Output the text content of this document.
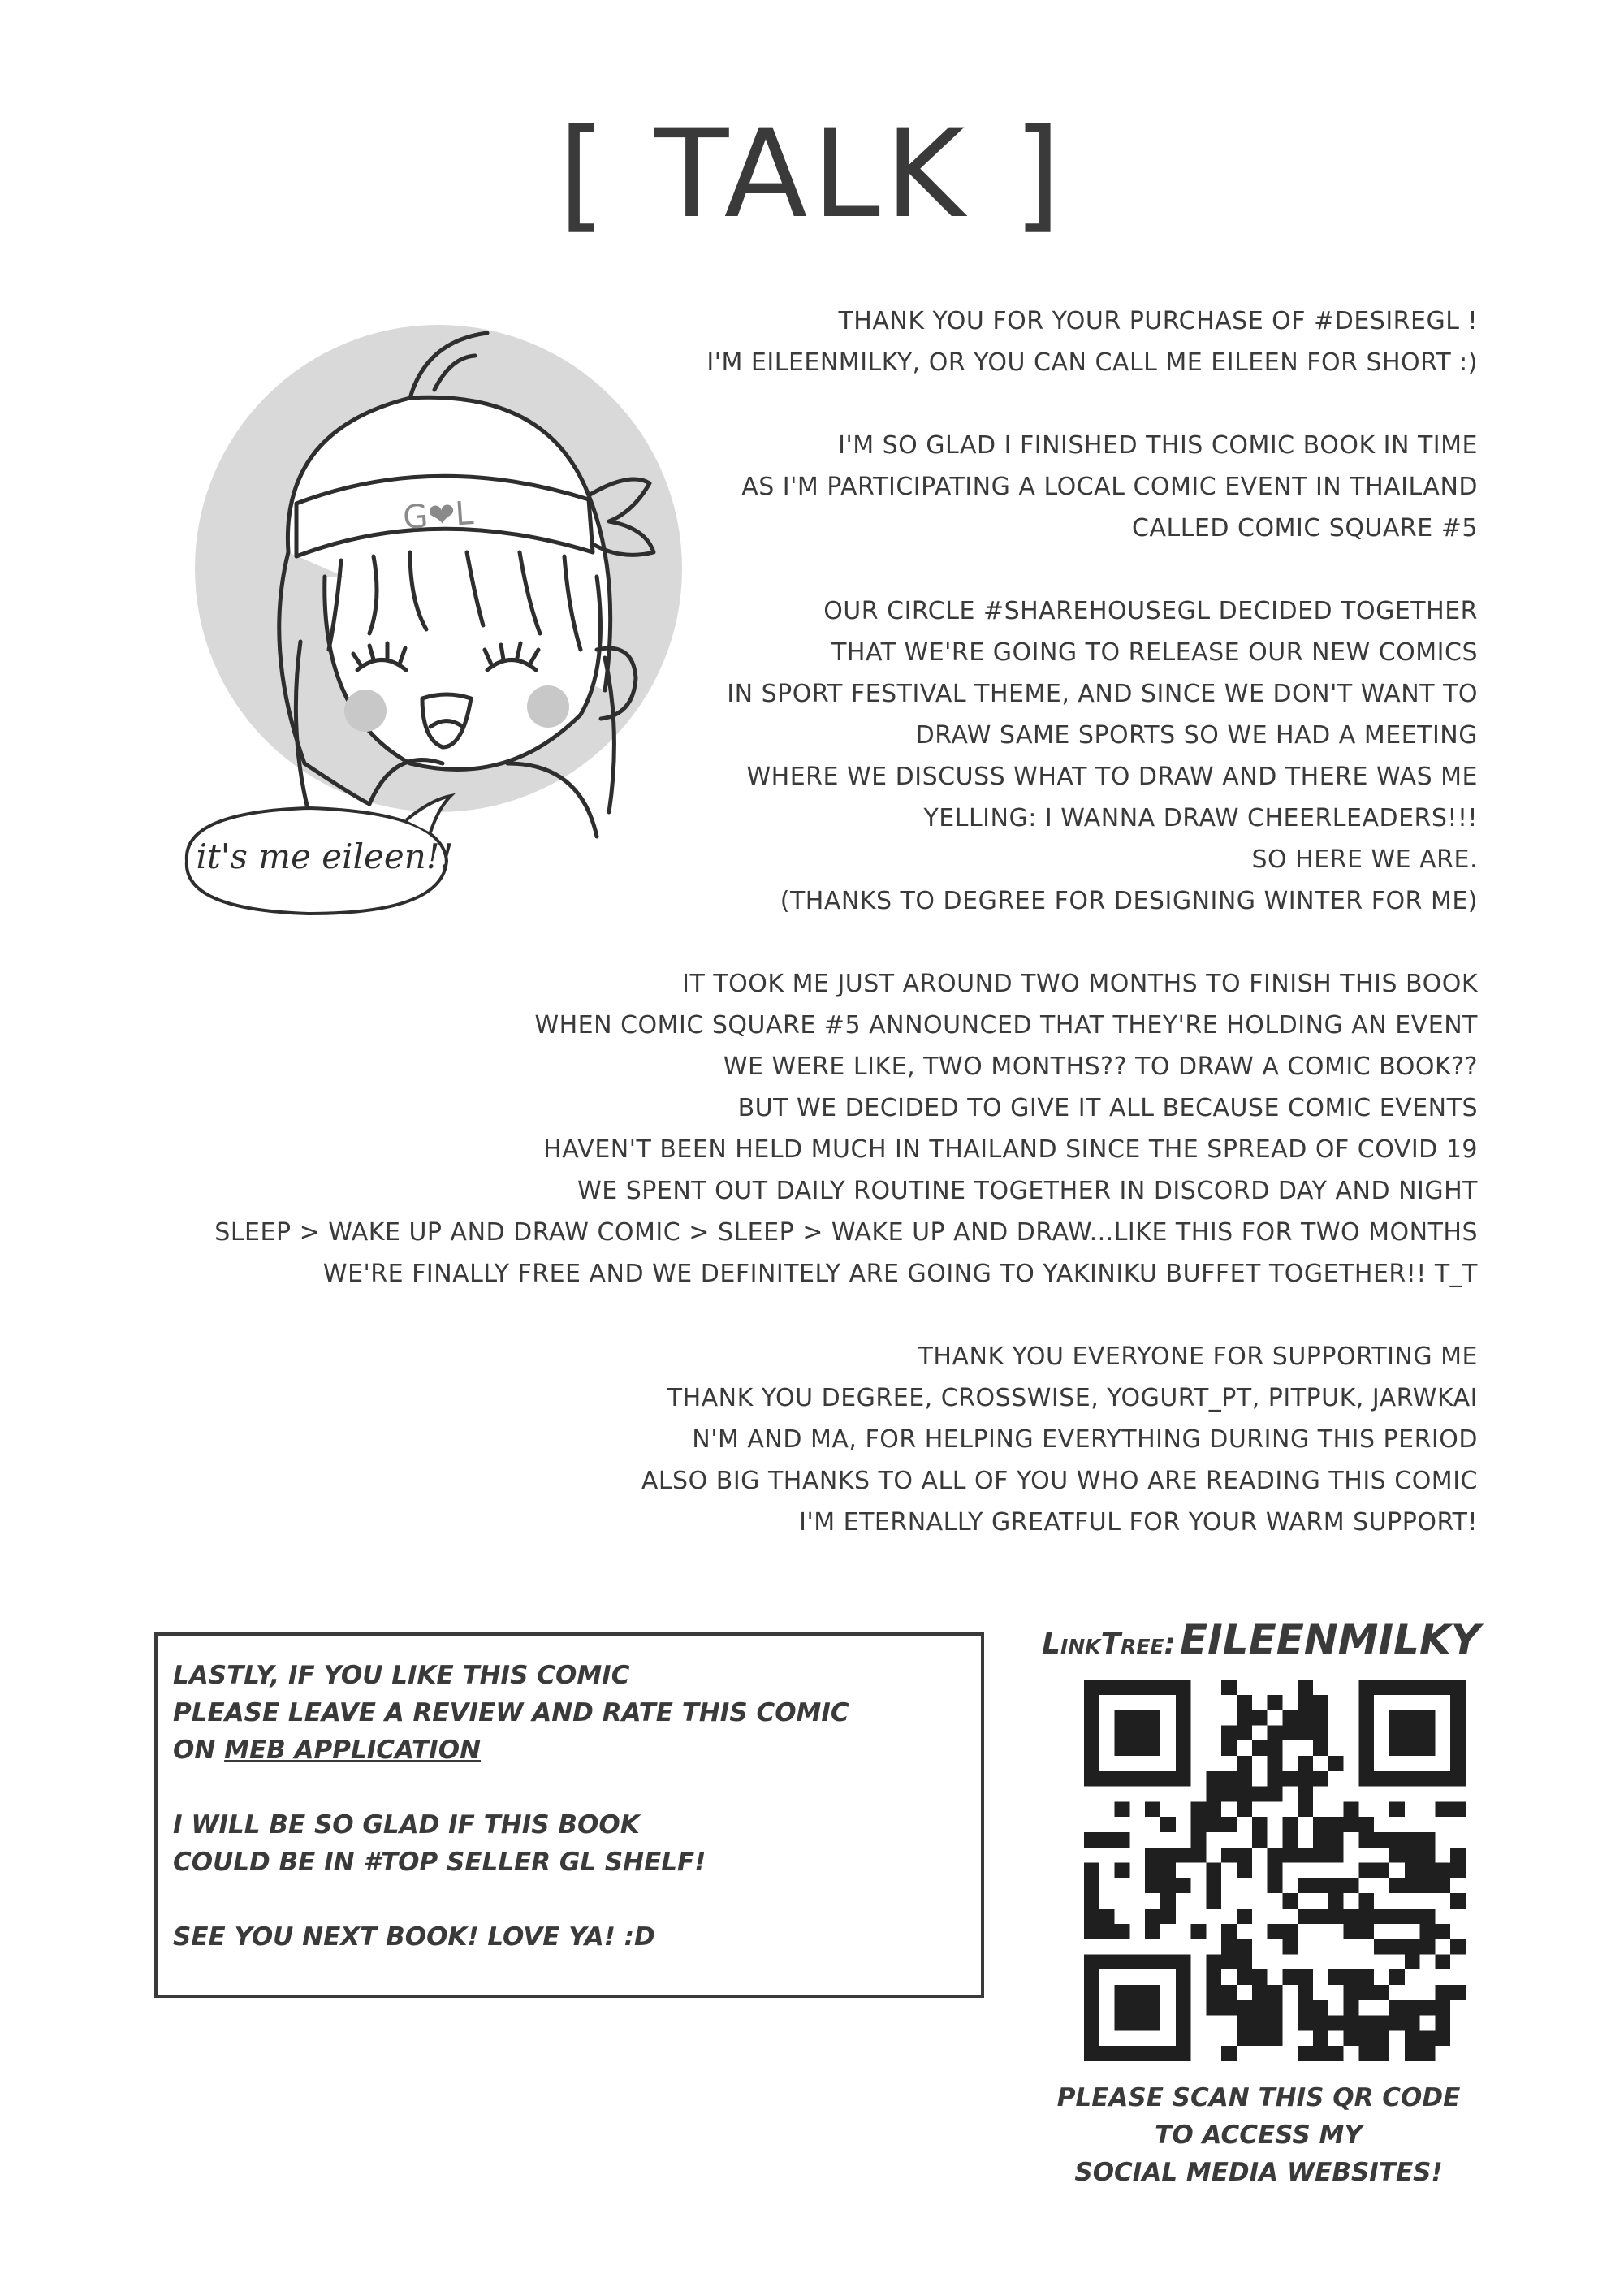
[ TALK ]
G❤L
it's me eileen!!

THANK YOU FOR YOUR PURCHASE OF #DESIREGL !
I'M EILEENMILKY, OR YOU CAN CALL ME EILEEN FOR SHORT :)

I'M SO GLAD I FINISHED THIS COMIC BOOK IN TIME
AS I'M PARTICIPATING A LOCAL COMIC EVENT IN THAILAND
CALLED COMIC SQUARE #5

OUR CIRCLE #SHAREHOUSEGL DECIDED TOGETHER
THAT WE'RE GOING TO RELEASE OUR NEW COMICS
IN SPORT FESTIVAL THEME, AND SINCE WE DON'T WANT TO
DRAW SAME SPORTS SO WE HAD A MEETING
WHERE WE DISCUSS WHAT TO DRAW AND THERE WAS ME
YELLING: I WANNA DRAW CHEERLEADERS!!!
SO HERE WE ARE.
(THANKS TO DEGREE FOR DESIGNING WINTER FOR ME)

IT TOOK ME JUST AROUND TWO MONTHS TO FINISH THIS BOOK
WHEN COMIC SQUARE #5 ANNOUNCED THAT THEY'RE HOLDING AN EVENT
WE WERE LIKE, TWO MONTHS?? TO DRAW A COMIC BOOK??
BUT WE DECIDED TO GIVE IT ALL BECAUSE COMIC EVENTS
HAVEN'T BEEN HELD MUCH IN THAILAND SINCE THE SPREAD OF COVID 19
WE SPENT OUT DAILY ROUTINE TOGETHER IN DISCORD DAY AND NIGHT
SLEEP > WAKE UP AND DRAW COMIC > SLEEP > WAKE UP AND DRAW...LIKE THIS FOR TWO MONTHS
WE'RE FINALLY FREE AND WE DEFINITELY ARE GOING TO YAKINIKU BUFFET TOGETHER!! T_T

THANK YOU EVERYONE FOR SUPPORTING ME
THANK YOU DEGREE, CROSSWISE, YOGURT_PT, PITPUK, JARWKAI
N'M AND MA, FOR HELPING EVERYTHING DURING THIS PERIOD
ALSO BIG THANKS TO ALL OF YOU WHO ARE READING THIS COMIC
I'M ETERNALLY GREATFUL FOR YOUR WARM SUPPORT!

LASTLY, IF YOU LIKE THIS COMIC
PLEASE LEAVE A REVIEW AND RATE THIS COMIC
ON MEB APPLICATION

I WILL BE SO GLAD IF THIS BOOK
COULD BE IN #TOP SELLER GL SHELF!

SEE YOU NEXT BOOK! LOVE YA! :D

LinkTree: EILEENMILKY
PLEASE SCAN THIS QR CODE
TO ACCESS MY
SOCIAL MEDIA WEBSITES!
